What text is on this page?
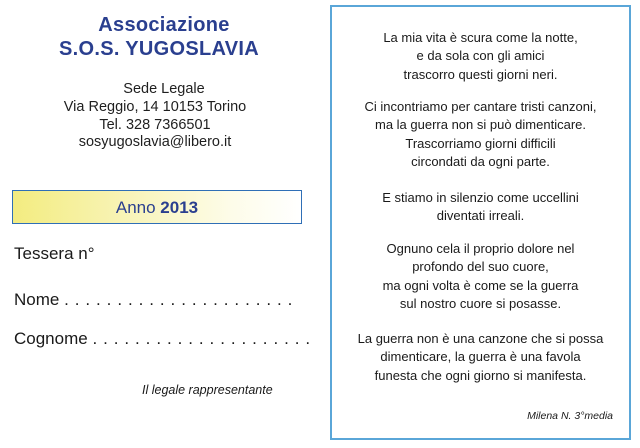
Associazione
S.O.S. YUGOSLAVIA
Sede Legale
Via Reggio, 14 10153 Torino
Tel. 328 7366501
sosyugoslavia@libero.it
Anno 2013
Tessera n°
Nome . . . . . . . . . . . . . . . . . . . . . .
Cognome . . . . . . . . . . . . . . . . . . . . .
Il legale rappresentante
La mia vita è scura come la notte,
e da sola con gli amici
trascorro questi giorni neri.
Ci incontriamo per cantare tristi canzoni,
ma la guerra non si può dimenticare.
Trascorriamo giorni difficili
circondati da ogni parte.
E stiamo in silenzio come uccellini
diventati irreali.
Ognuno cela il proprio dolore nel
profondo del suo cuore,
ma ogni volta è come se la guerra
sul nostro cuore si posasse.
La guerra non è una canzone che si possa
dimenticare, la guerra è una favola
funesta che ogni giorno si manifesta.
Milena N. 3°media
